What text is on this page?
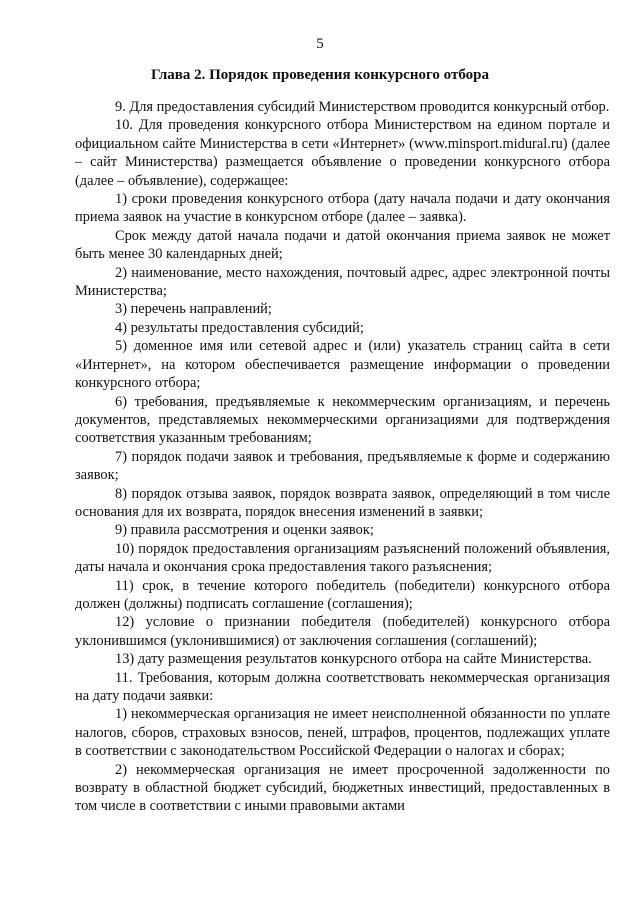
5
Глава 2. Порядок проведения конкурсного отбора

9. Для предоставления субсидий Министерством проводится конкурсный отбор.

10. Для проведения конкурсного отбора Министерством на едином портале и официальном сайте Министерства в сети «Интернет» (www.minsport.midural.ru) (далее – сайт Министерства) размещается объявление о проведении конкурсного отбора (далее – объявление), содержащее:

1) сроки проведения конкурсного отбора (дату начала подачи и дату окончания приема заявок на участие в конкурсном отборе (далее – заявка).

Срок между датой начала подачи и датой окончания приема заявок не может быть менее 30 календарных дней;

2) наименование, место нахождения, почтовый адрес, адрес электронной почты Министерства;

3) перечень направлений;

4) результаты предоставления субсидий;

5) доменное имя или сетевой адрес и (или) указатель страниц сайта в сети «Интернет», на котором обеспечивается размещение информации о проведении конкурсного отбора;

6) требования, предъявляемые к некоммерческим организациям, и перечень документов, представляемых некоммерческими организациями для подтверждения соответствия указанным требованиям;

7) порядок подачи заявок и требования, предъявляемые к форме и содержанию заявок;

8) порядок отзыва заявок, порядок возврата заявок, определяющий в том числе основания для их возврата, порядок внесения изменений в заявки;

9) правила рассмотрения и оценки заявок;

10) порядок предоставления организациям разъяснений положений объявления, даты начала и окончания срока предоставления такого разъяснения;

11) срок, в течение которого победитель (победители) конкурсного отбора должен (должны) подписать соглашение (соглашения);

12) условие о признании победителя (победителей) конкурсного отбора уклонившимся (уклонившимися) от заключения соглашения (соглашений);

13) дату размещения результатов конкурсного отбора на сайте Министерства.

11. Требования, которым должна соответствовать некоммерческая организация на дату подачи заявки:

1) некоммерческая организация не имеет неисполненной обязанности по уплате налогов, сборов, страховых взносов, пеней, штрафов, процентов, подлежащих уплате в соответствии с законодательством Российской Федерации о налогах и сборах;

2) некоммерческая организация не имеет просроченной задолженности по возврату в областной бюджет субсидий, бюджетных инвестиций, предоставленных в том числе в соответствии с иными правовыми актами
